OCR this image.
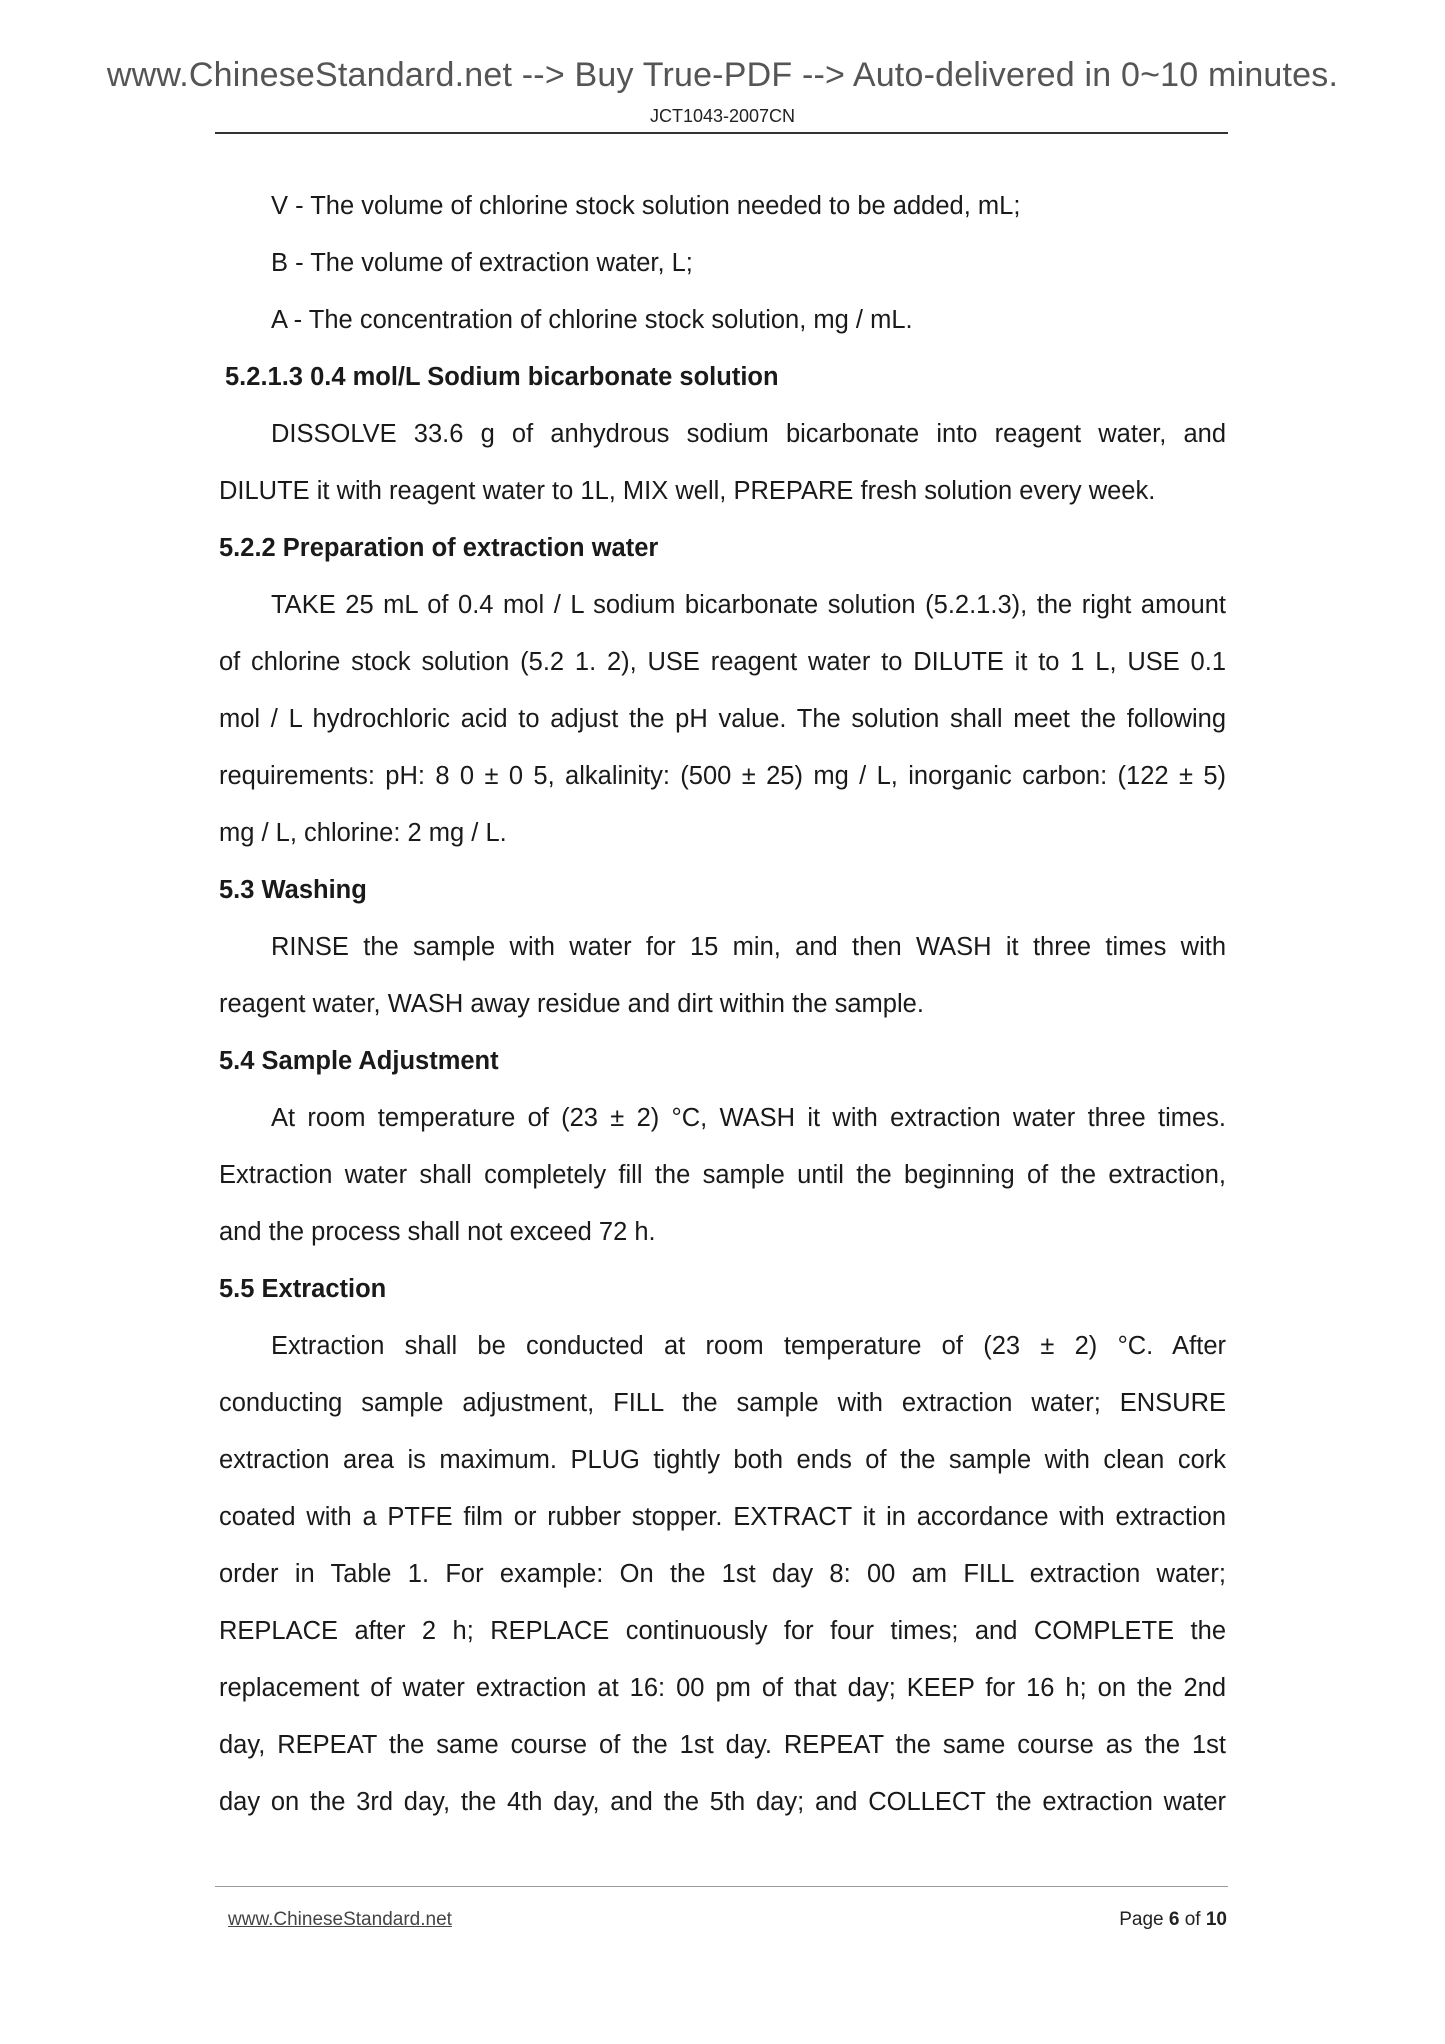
www.ChineseStandard.net --> Buy True-PDF --> Auto-delivered in 0~10 minutes.
JCT1043-2007CN
V - The volume of chlorine stock solution needed to be added, mL;
B - The volume of extraction water, L;
A - The concentration of chlorine stock solution, mg / mL.
5.2.1.3 0.4 mol/L Sodium bicarbonate solution
DISSOLVE 33.6 g of anhydrous sodium bicarbonate into reagent water, and
DILUTE it with reagent water to 1L, MIX well, PREPARE fresh solution every week.
5.2.2 Preparation of extraction water
TAKE 25 mL of 0.4 mol / L sodium bicarbonate solution (5.2.1.3), the right amount
of chlorine stock solution (5.2 1. 2), USE reagent water to DILUTE it to 1 L, USE 0.1
mol / L hydrochloric acid to adjust the pH value. The solution shall meet the following
requirements: pH: 8 0 ± 0 5, alkalinity: (500 ± 25) mg / L, inorganic carbon: (122 ± 5)
mg / L, chlorine: 2 mg / L.
5.3 Washing
RINSE the sample with water for 15 min, and then WASH it three times with
reagent water, WASH away residue and dirt within the sample.
5.4 Sample Adjustment
At room temperature of (23 ± 2) °C, WASH it with extraction water three times.
Extraction water shall completely fill the sample until the beginning of the extraction,
and the process shall not exceed 72 h.
5.5 Extraction
Extraction shall be conducted at room temperature of (23 ± 2) °C. After
conducting sample adjustment, FILL the sample with extraction water; ENSURE
extraction area is maximum. PLUG tightly both ends of the sample with clean cork
coated with a PTFE film or rubber stopper. EXTRACT it in accordance with extraction
order in Table 1. For example: On the 1st day 8: 00 am FILL extraction water;
REPLACE after 2 h; REPLACE continuously for four times; and COMPLETE the
replacement of water extraction at 16: 00 pm of that day; KEEP for 16 h; on the 2nd
day, REPEAT the same course of the 1st day. REPEAT the same course as the 1st
day on the 3rd day, the 4th day, and the 5th day; and COLLECT the extraction water
www.ChineseStandard.net	Page 6 of 10
